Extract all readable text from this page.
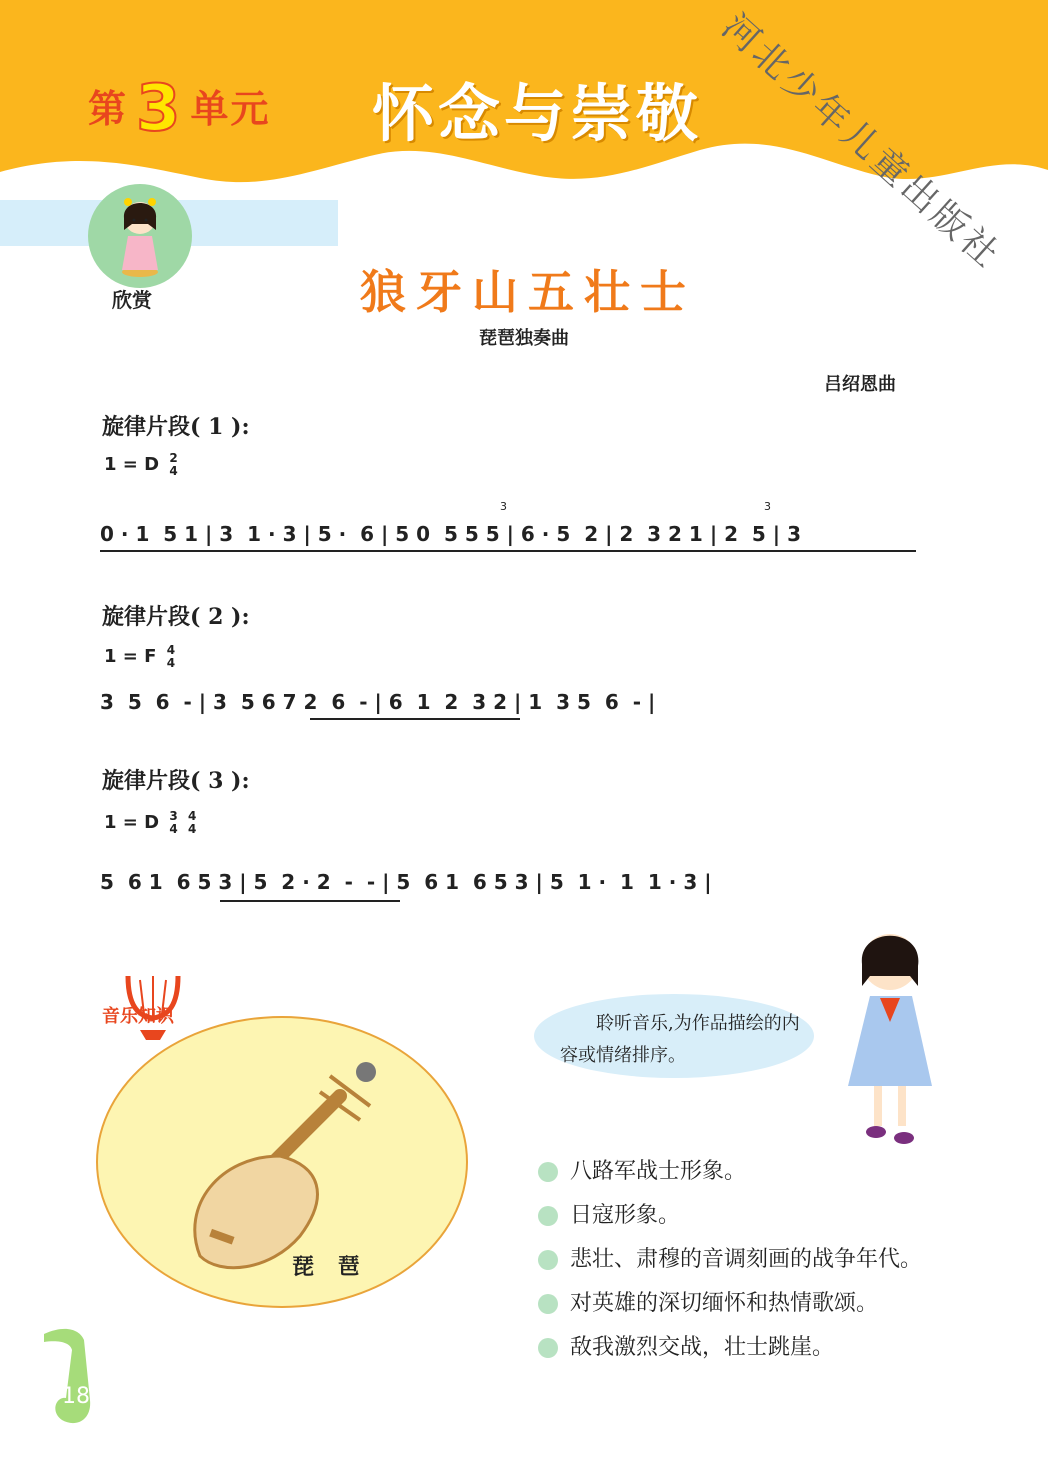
第 3 单元 怀念与崇敬 河北少年儿童出版社
欣赏	狼牙山五壮士
琵琶独奏曲
吕绍恩曲
旋律片段( 1 ):
1 = D 2
4
3	3
0 · 1  5 1 | 3  1 · 3 | 5 ·  6 | 5 0  5 5 5 | 6 · 5  2 | 2  3 2 1 | 2  5 | 3
旋律片段( 2 ):
1 = F 4
4
3  5  6  - | 3  5 6 7 2  6  - | 6  1  2  3 2 | 1  3 5  6  - |
旋律片段( 3 ):
1 = D 3
4

4
4
5  6 1  6 5 3 | 5  2 · 2  -  - | 5  6 1  6 5 3 | 5  1 ·  1  1 · 3 |
音乐知识
琵 琶
聆听音乐,为作品描绘的内容或情绪排序。
八路军战士形象。
日寇形象。
悲壮、肃穆的音调刻画的战争年代。
对英雄的深切缅怀和热情歌颂。
敌我激烈交战，壮士跳崖。
18
